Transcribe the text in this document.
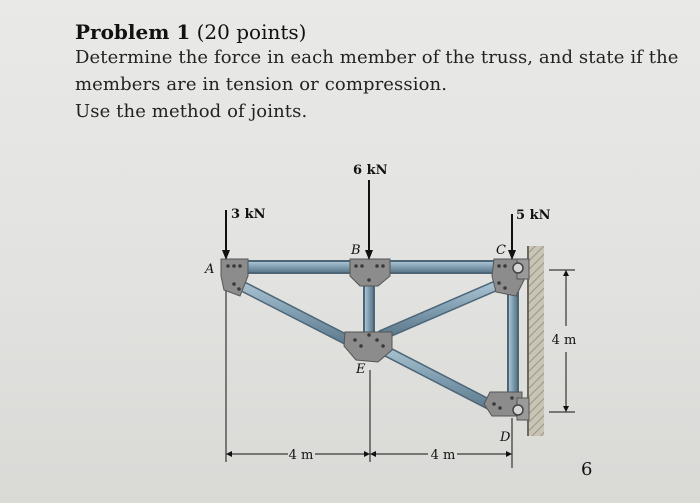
Problem 1 (20 points)
Determine the force in each member of the truss, and state if the
members are in tension or compression.
Use the method of joints.
4 m	4 m
4 m
3 kN
6 kN
5 kN
A
B	C
D
E
6
